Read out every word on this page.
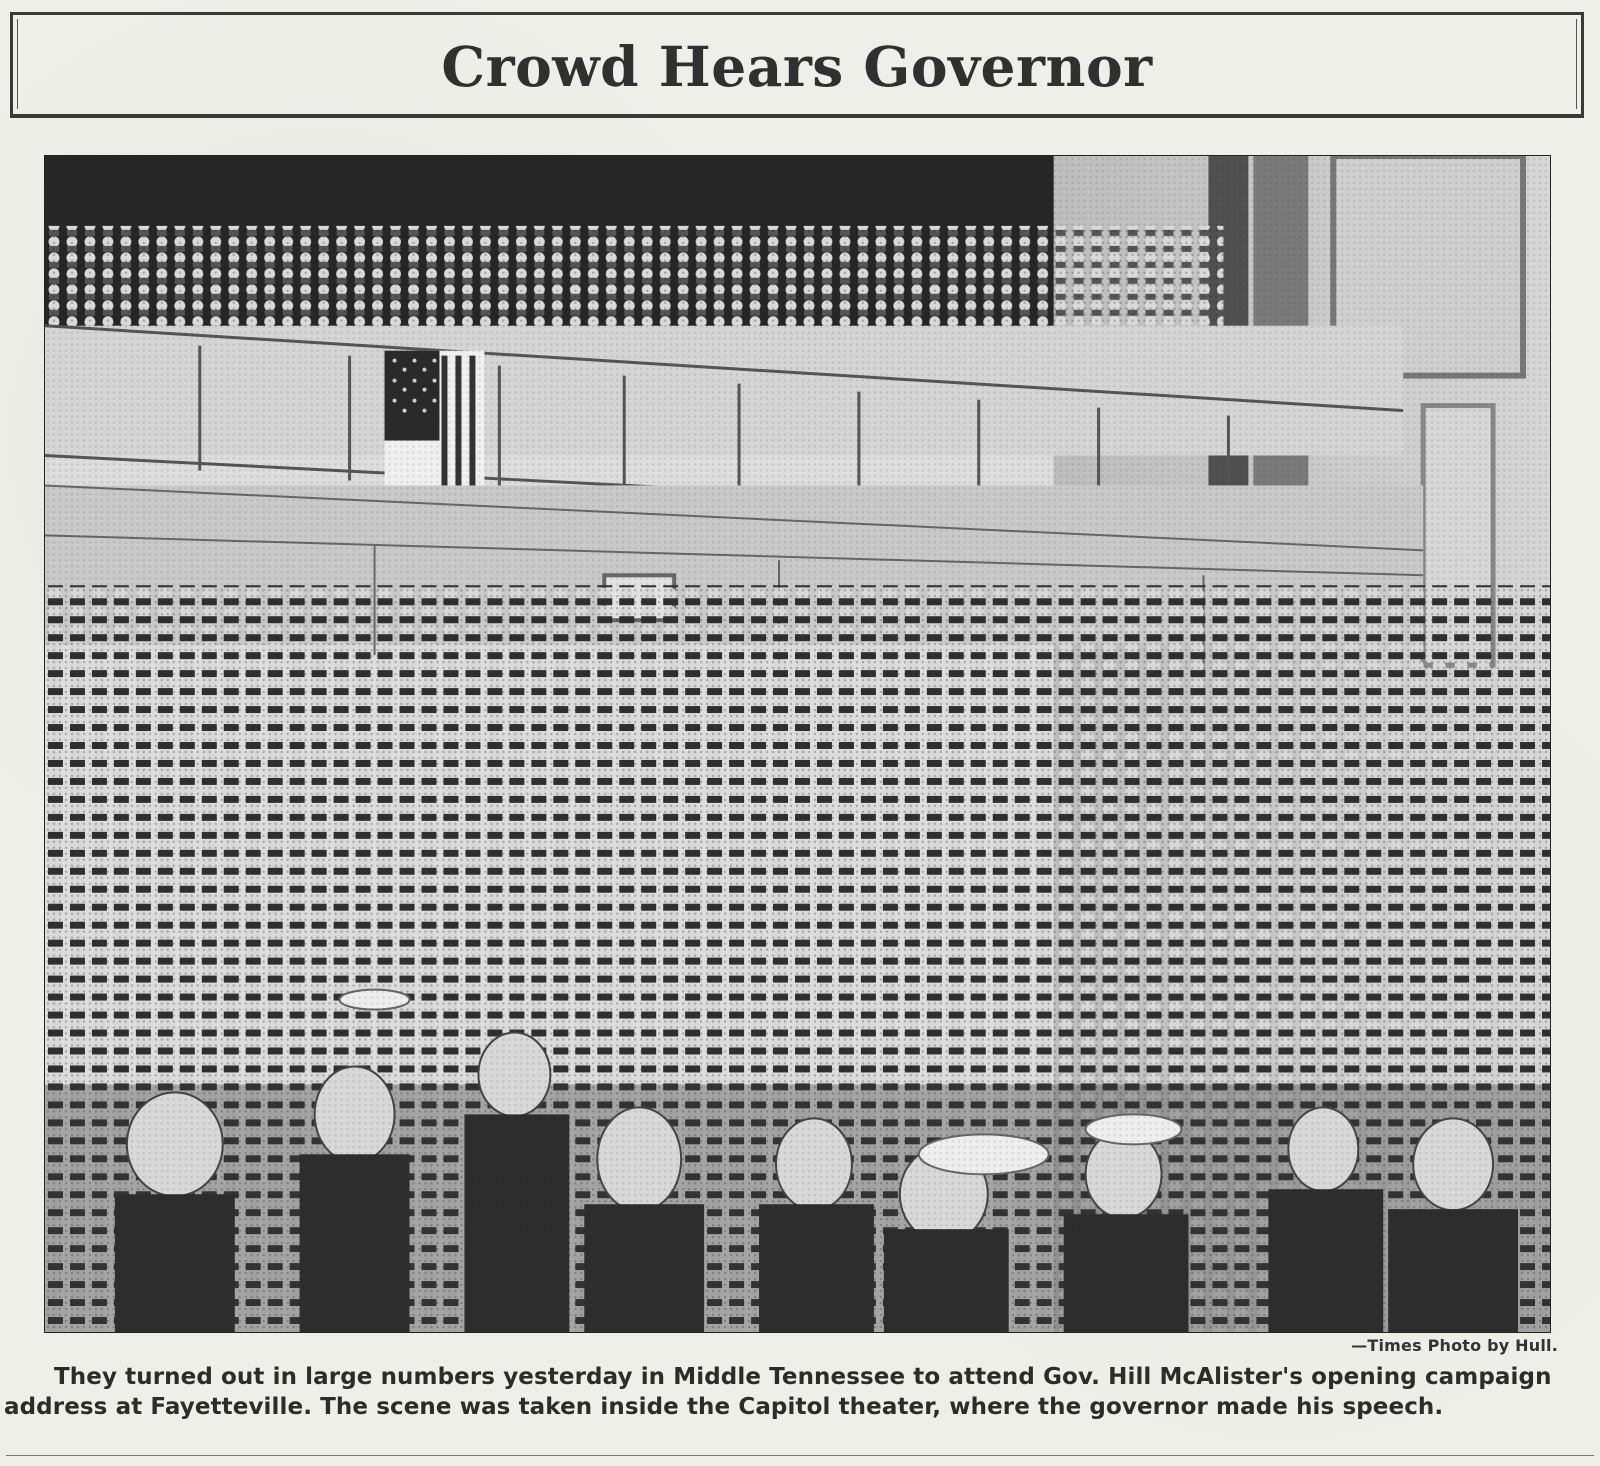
Crowd Hears Governor
—Times Photo by Hull.
They turned out in large numbers yesterday in Middle Tennessee to attend Gov. Hill McAlister's opening campaign
address at Fayetteville. The scene was taken inside the Capitol theater, where the governor made his speech.
